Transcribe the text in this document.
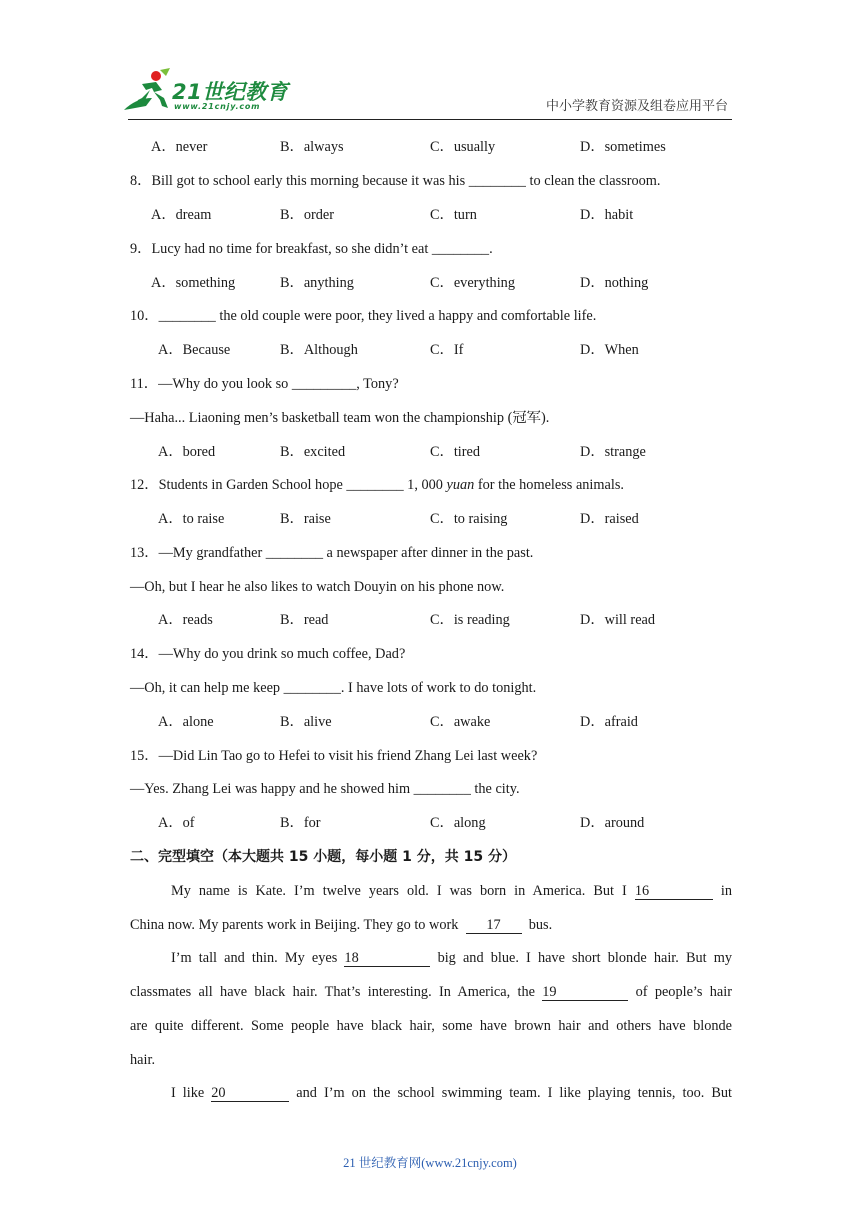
21世纪教育
www.21cnjy.com	中小学教育资源及组卷应用平台
A．never	B．always	C．usually	D．sometimes
8．Bill got to school early this morning because it was his ________ to clean the classroom.
A．dream	B．order	C．turn	D．habit
9．Lucy had no time for breakfast, so she didn’t eat ________.
A．something	B．anything	C．everything	D．nothing
10．________ the old couple were poor, they lived a happy and comfortable life.
A．Because	B．Although	C．If	D．When
11．—Why do you look so _________, Tony?
—Haha... Liaoning men’s basketball team won the championship (冠军).
A．bored	B．excited	C．tired	D．strange
12．Students in Garden School hope ________ 1, 000 yuan for the homeless animals.
A．to raise	B．raise	C．to raising	D．raised
13．—My grandfather ________ a newspaper after dinner in the past.
—Oh, but I hear he also likes to watch Douyin on his phone now.
A．reads	B．read	C．is reading	D．will read
14．—Why do you drink so much coffee, Dad?
—Oh, it can help me keep ________. I have lots of work to do tonight.
A．alone	B．alive	C．awake	D．afraid
15．—Did Lin Tao go to Hefei to visit his friend Zhang Lei last week?
—Yes. Zhang Lei was happy and he showed him ________ the city.
A．of	B．for	C．along	D．around
二、完型填空（本大题共 15 小题，每小题 1 分，共 15 分）
My name is Kate. I’m twelve years old. I was born in America. But I 16	in
China now. My parents work in Beijing. They go to work 17 bus.
I’m tall and thin. My eyes 18	big and blue. I have short blonde hair. But my
classmates all have black hair. That’s interesting. In America, the 19	of people’s hair
are quite different. Some people have black hair, some have brown hair and others have blonde
hair.
I like 20	and I’m on the school swimming team. I like playing tennis, too. But
21 世纪教育网(www.21cnjy.com)
